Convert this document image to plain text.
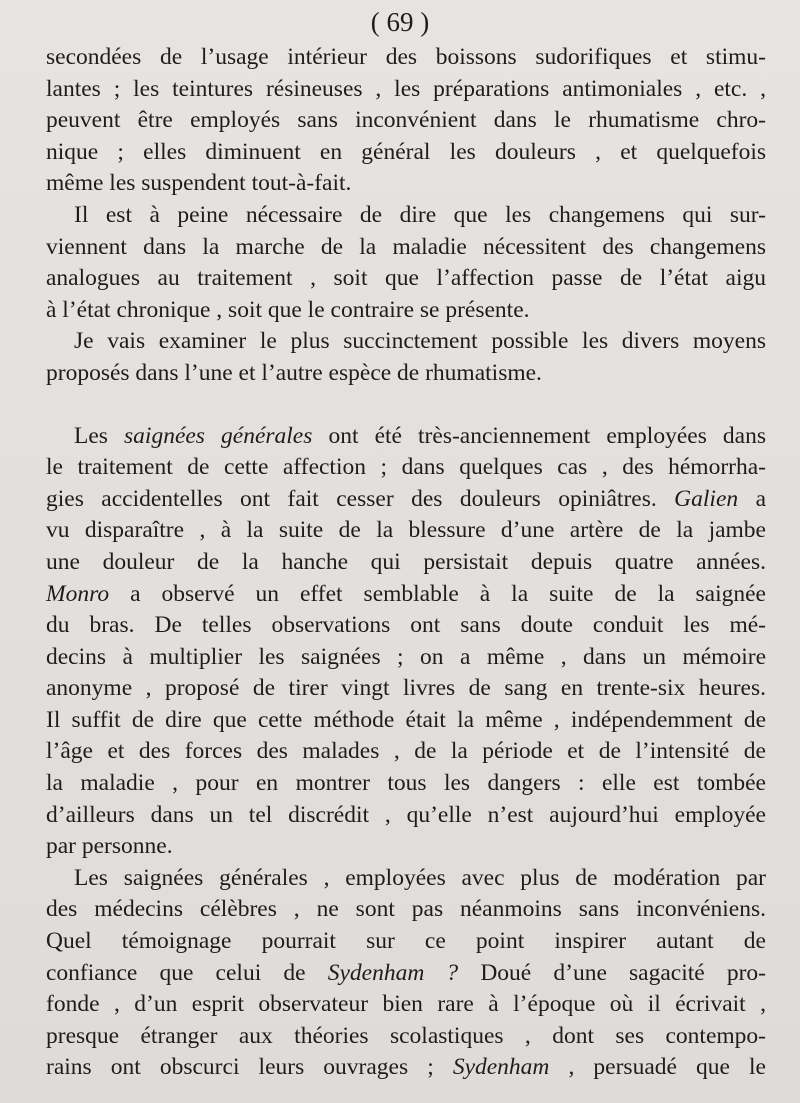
( 69 )
secondées de l’usage intérieur des boissons sudorifiques et stimu-
lantes ; les teintures résineuses , les préparations antimoniales , etc. ,
peuvent être employés sans inconvénient dans le rhumatisme chro-
nique ; elles diminuent en général les douleurs , et quelquefois
même les suspendent tout-à-fait.
Il est à peine nécessaire de dire que les changemens qui sur-
viennent dans la marche de la maladie nécessitent des changemens
analogues au traitement , soit que l’affection passe de l’état aigu
à l’état chronique , soit que le contraire se présente.
Je vais examiner le plus succinctement possible les divers moyens
proposés dans l’une et l’autre espèce de rhumatisme.
Les saignées générales ont été très-anciennement employées dans
le traitement de cette affection ; dans quelques cas , des hémorrha-
gies accidentelles ont fait cesser des douleurs opiniâtres. Galien a
vu disparaître , à la suite de la blessure d’une artère de la jambe
une douleur de la hanche qui persistait depuis quatre années.
Monro a observé un effet semblable à la suite de la saignée
du bras. De telles observations ont sans doute conduit les mé-
decins à multiplier les saignées ; on a même , dans un mémoire
anonyme , proposé de tirer vingt livres de sang en trente-six heures.
Il suffit de dire que cette méthode était la même , indépendemment de
l’âge et des forces des malades , de la période et de l’intensité de
la maladie , pour en montrer tous les dangers : elle est tombée
d’ailleurs dans un tel discrédit , qu’elle n’est aujourd’hui employée
par personne.
Les saignées générales , employées avec plus de modération par
des médecins célèbres , ne sont pas néanmoins sans inconvéniens.
Quel témoignage pourrait sur ce point inspirer autant de
confiance que celui de Sydenham ? Doué d’une sagacité pro-
fonde , d’un esprit observateur bien rare à l’époque où il écrivait ,
presque étranger aux théories scolastiques , dont ses contempo-
rains ont obscurci leurs ouvrages ; Sydenham , persuadé que le
